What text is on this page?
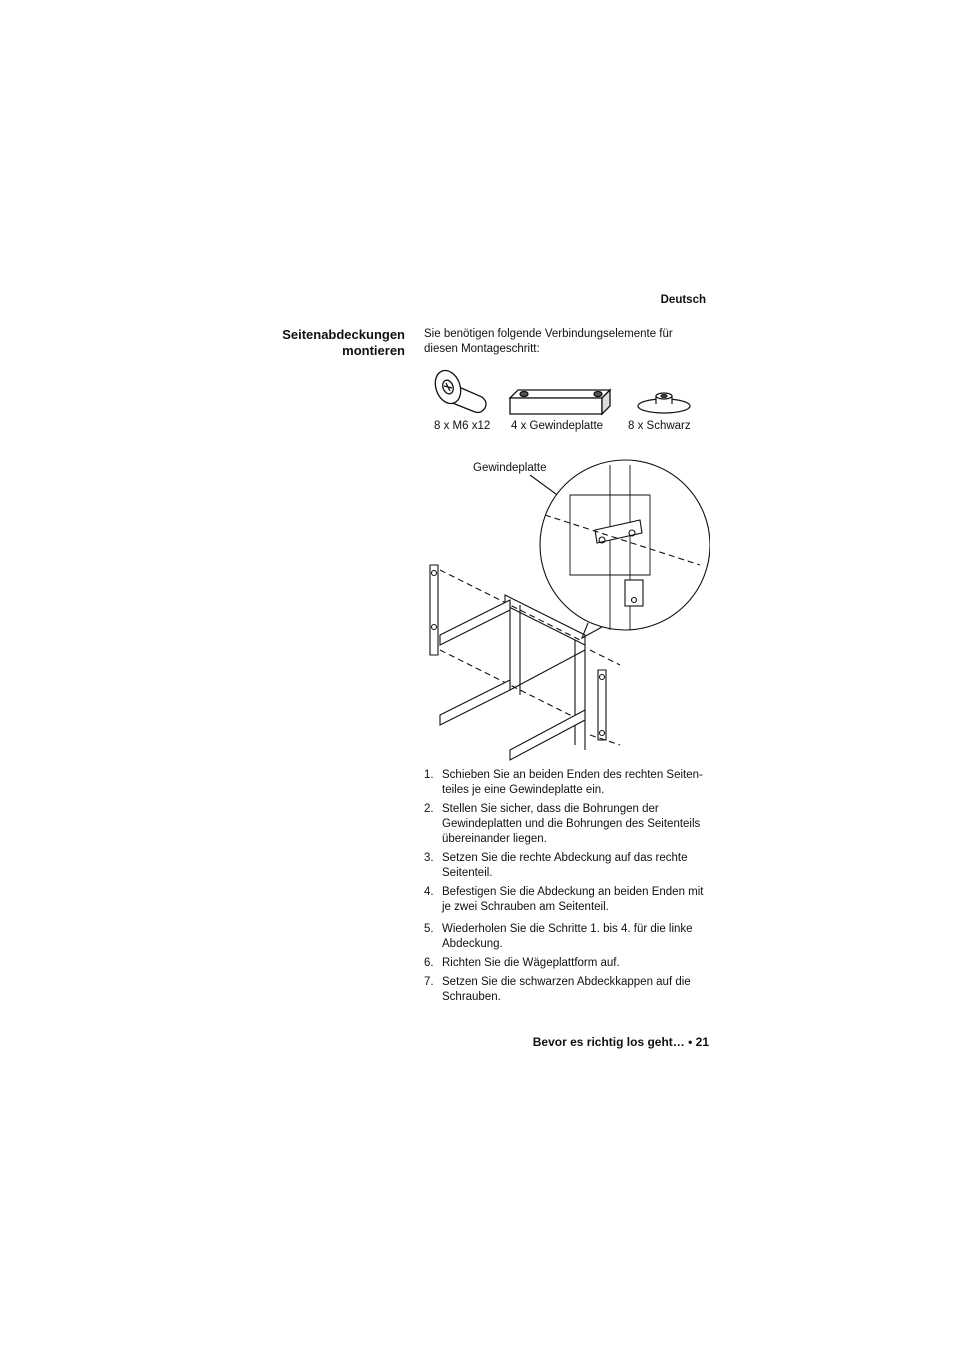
Deutsch
Seitenabdeckungen
montieren
Sie benötigen folgende Verbindungselemente für
diesen Montageschritt:
8 x M6 x12 4 x Gewindeplatte 8 x Schwarz
Gewindeplatte
1. Schieben Sie an beiden Enden des rechten Seiten-
teiles je eine Gewindeplatte ein.
2. Stellen Sie sicher, dass die Bohrungen der
Gewindeplatten und die Bohrungen des Seitenteils
übereinander liegen.
3. Setzen Sie die rechte Abdeckung auf das rechte
Seitenteil.
4. Befestigen Sie die Abdeckung an beiden Enden mit
je zwei Schrauben am Seitenteil.
5. Wiederholen Sie die Schritte 1. bis 4. für die linke
Abdeckung.
6. Richten Sie die Wägeplattform auf.
7. Setzen Sie die schwarzen Abdeckkappen auf die
Schrauben.
Bevor es richtig los geht… • 21
